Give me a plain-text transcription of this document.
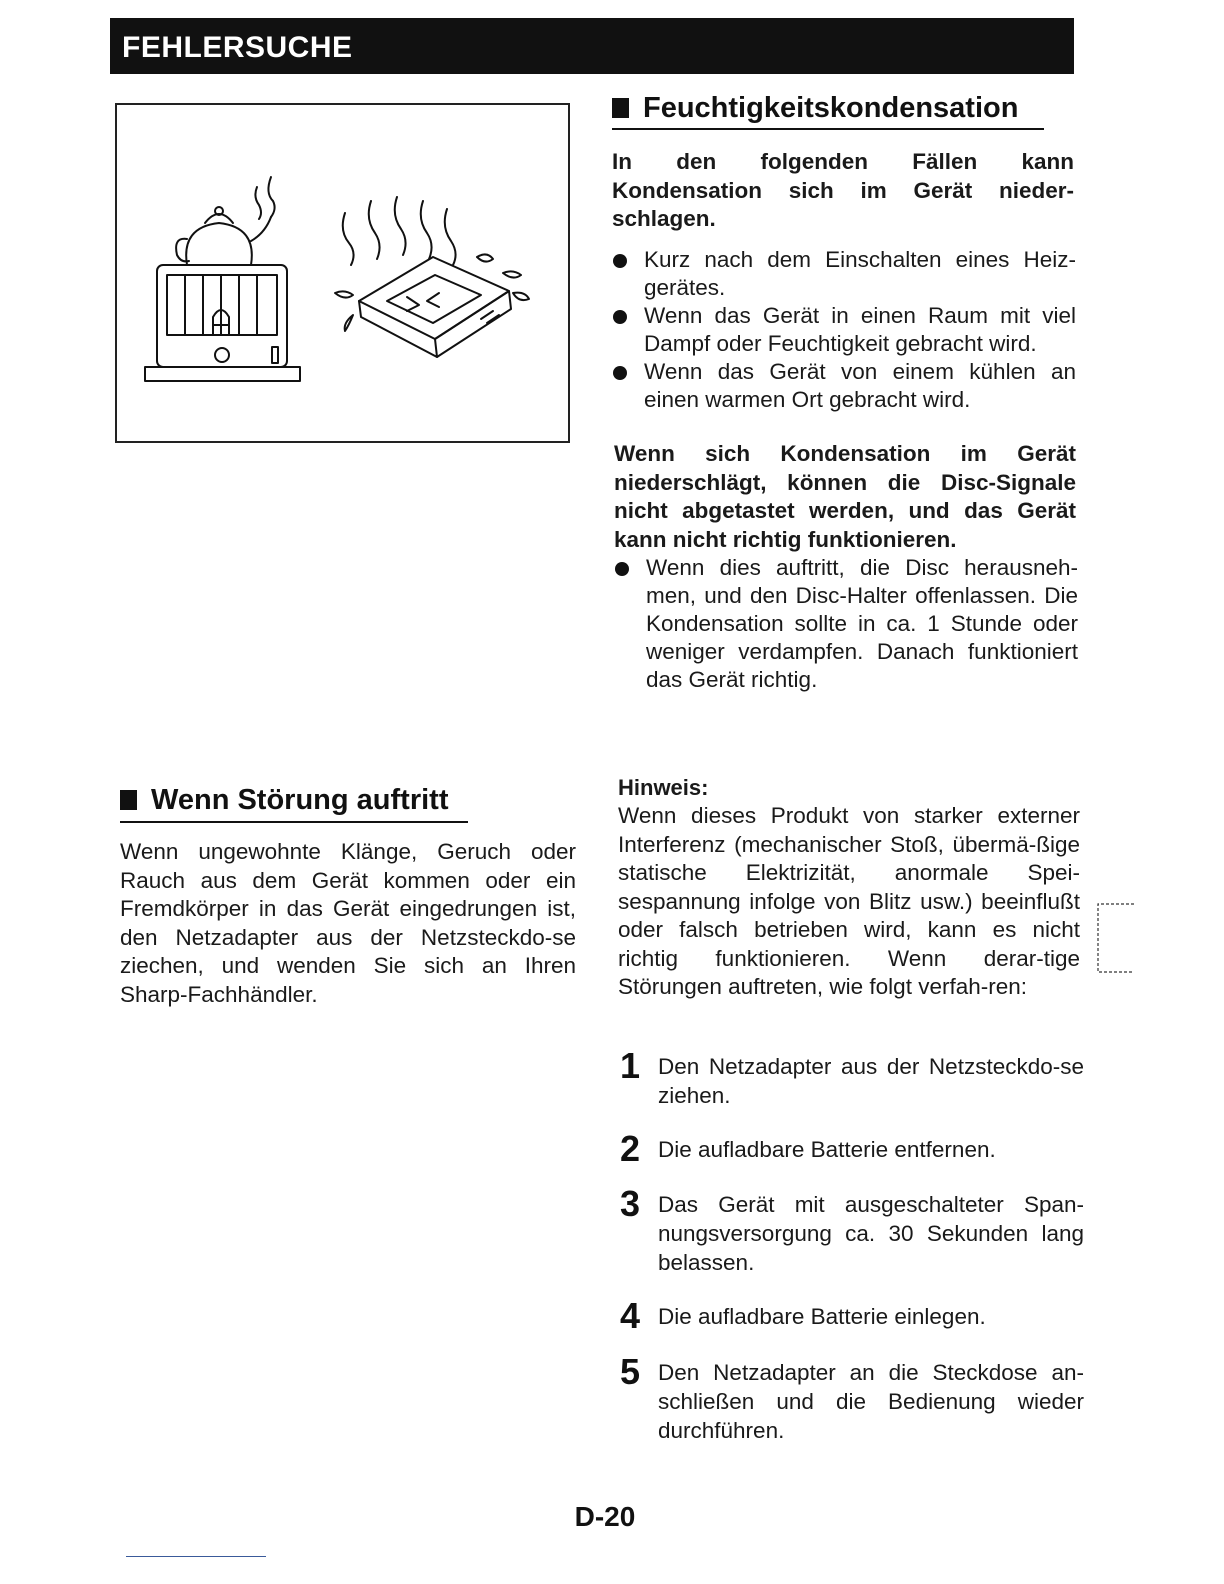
FEHLERSUCHE
Feuchtigkeitskondensation
In den folgenden Fällen kann Kondensation sich im Gerät nieder-schlagen.
Kurz nach dem Einschalten eines Heiz-gerätes.
Wenn das Gerät in einen Raum mit viel Dampf oder Feuchtigkeit gebracht wird.
Wenn das Gerät von einem kühlen an einen warmen Ort gebracht wird.
Wenn sich Kondensation im Gerät niederschlägt, können die Disc-Signale nicht abgetastet werden, und das Gerät kann nicht richtig funktionieren.
Wenn dies auftritt, die Disc herausneh-men, und den Disc-Halter offenlassen. Die Kondensation sollte in ca. 1 Stunde oder weniger verdampfen. Danach funktioniert das Gerät richtig.
Wenn Störung auftritt
Wenn ungewohnte Klänge, Geruch oder Rauch aus dem Gerät kommen oder ein Fremdkörper in das Gerät eingedrungen ist, den Netzadapter aus der Netzsteckdo-se ziechen, und wenden Sie sich an Ihren Sharp-Fachhändler.
Hinweis:
Wenn dieses Produkt von starker externer Interferenz (mechanischer Stoß, übermä-ßige statische Elektrizität, anormale Spei-sespannung infolge von Blitz usw.) beeinflußt oder falsch betrieben wird, kann es nicht richtig funktionieren. Wenn derar-tige Störungen auftreten, wie folgt verfah-ren:
1 Den Netzadapter aus der Netzsteckdo-se ziehen.
2 Die aufladbare Batterie entfernen.
3 Das Gerät mit ausgeschalteter Span-nungsversorgung ca. 30 Sekunden lang belassen.
4 Die aufladbare Batterie einlegen.
5 Den Netzadapter an die Steckdose an-schließen und die Bedienung wieder durchführen.
D-20
